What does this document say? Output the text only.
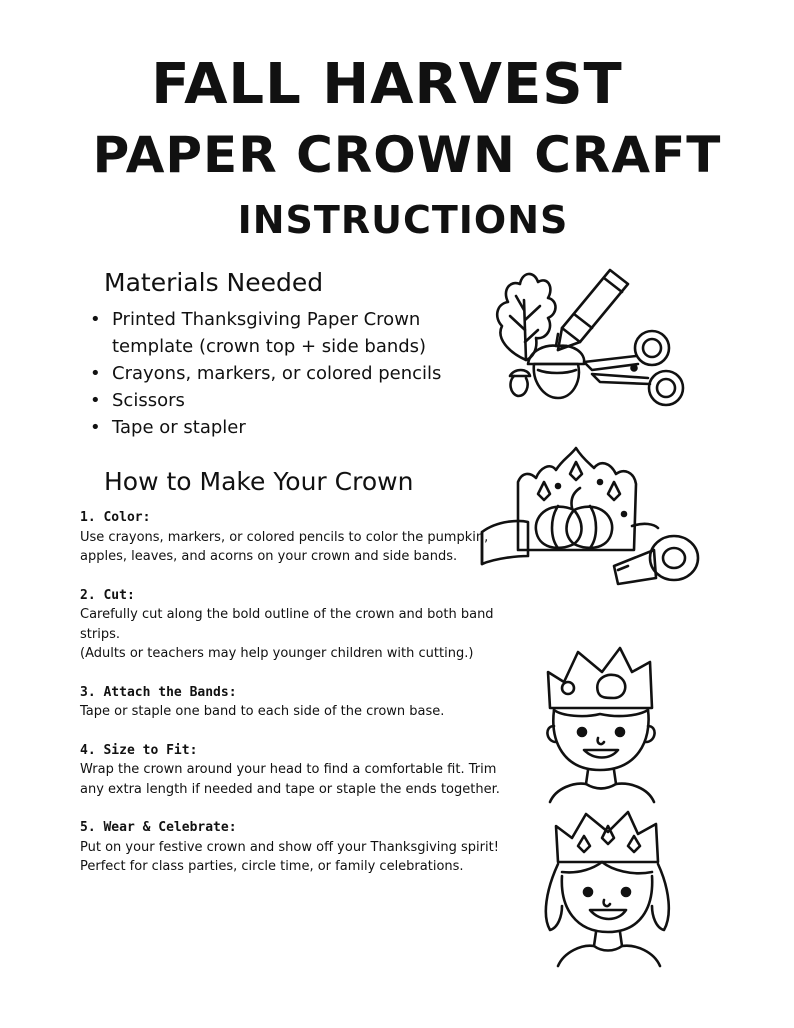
FALL HARVEST
PAPER CROWN CRAFT
INSTRUCTIONS
Materials Needed
• Printed Thanksgiving Paper Crown template (crown top + side bands)
• Crayons, markers, or colored pencils
• Scissors
• Tape or stapler
How to Make Your Crown
1. Color:

Use crayons, markers, or colored pencils to color the pumpkin, apples, leaves, and acorns on your crown and side bands.

2. Cut:

Carefully cut along the bold outline of the crown and both band strips.

(Adults or teachers may help younger children with cutting.)

3. Attach the Bands:

Tape or staple one band to each side of the crown base.

4. Size to Fit:

Wrap the crown around your head to find a comfortable fit. Trim any extra length if needed and tape or staple the ends together.

5. Wear & Celebrate:

Put on your festive crown and show off your Thanksgiving spirit!

Perfect for class parties, circle time, or family celebrations.
